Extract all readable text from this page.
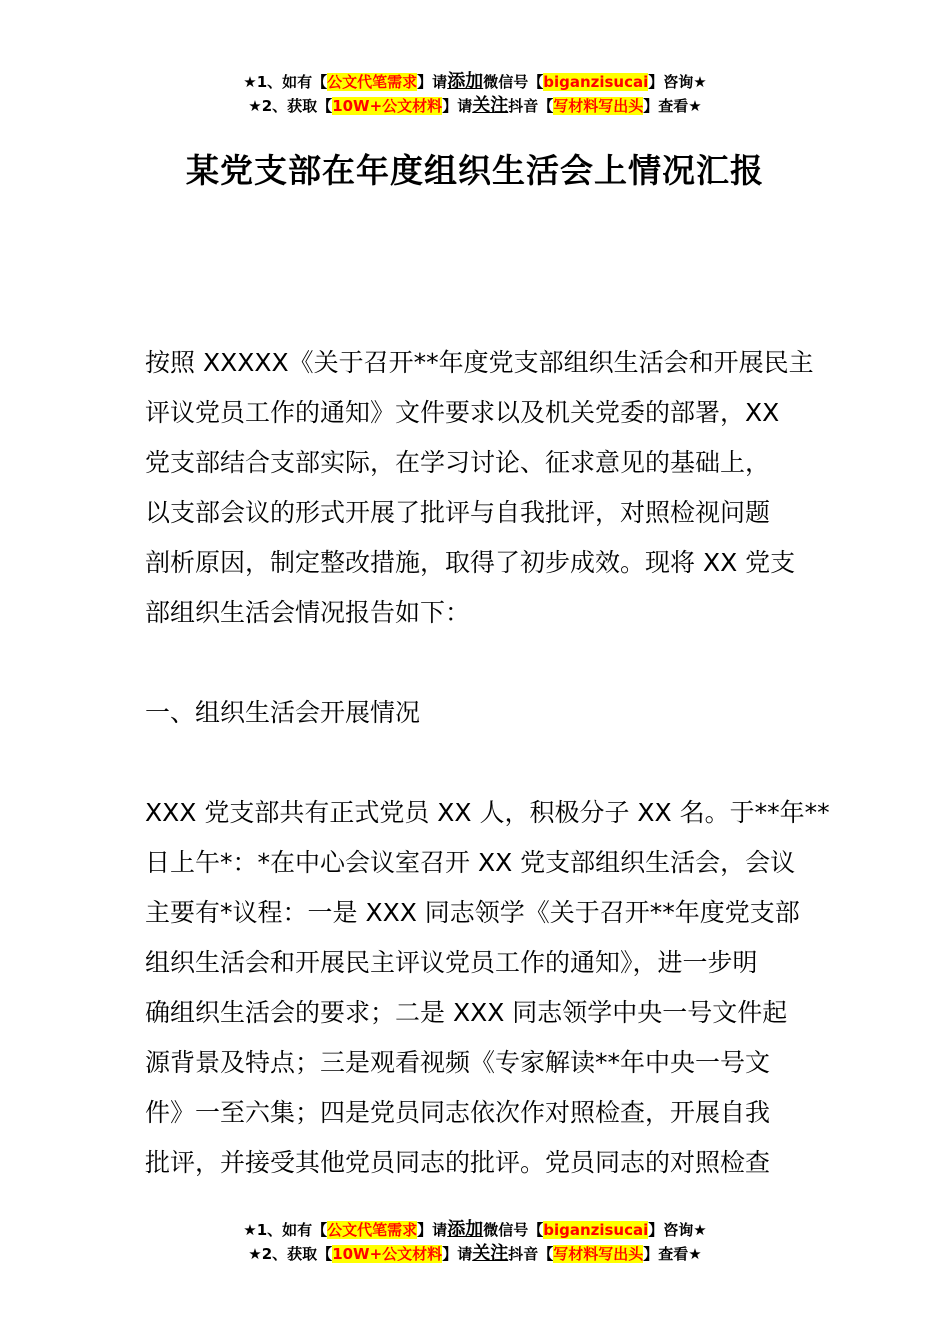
★1、如有【公文代笔需求】请添加微信号【biganzisucai】咨询★
★2、获取【10W+公文材料】请关注抖音【写材料写出头】查看★
某党支部在年度组织生活会上情况汇报
按照 XXXXX《关于召开**年度党支部组织生活会和开展民主
评议党员工作的通知》文件要求以及机关党委的部署，XX
党支部结合支部实际，在学习讨论、征求意见的基础上，
以支部会议的形式开展了批评与自我批评，对照检视问题
剖析原因，制定整改措施，取得了初步成效。现将 XX 党支
部组织生活会情况报告如下：
一、组织生活会开展情况
XXX 党支部共有正式党员 XX 人，积极分子 XX 名。于**年**
日上午*：*在中心会议室召开 XX 党支部组织生活会，会议
主要有*议程：一是 XXX 同志领学《关于召开**年度党支部
组织生活会和开展民主评议党员工作的通知》，进一步明
确组织生活会的要求；二是 XXX 同志领学中央一号文件起
源背景及特点；三是观看视频《专家解读**年中央一号文
件》一至六集；四是党员同志依次作对照检查，开展自我
批评，并接受其他党员同志的批评。党员同志的对照检查
★1、如有【公文代笔需求】请添加微信号【biganzisucai】咨询★
★2、获取【10W+公文材料】请关注抖音【写材料写出头】查看★
